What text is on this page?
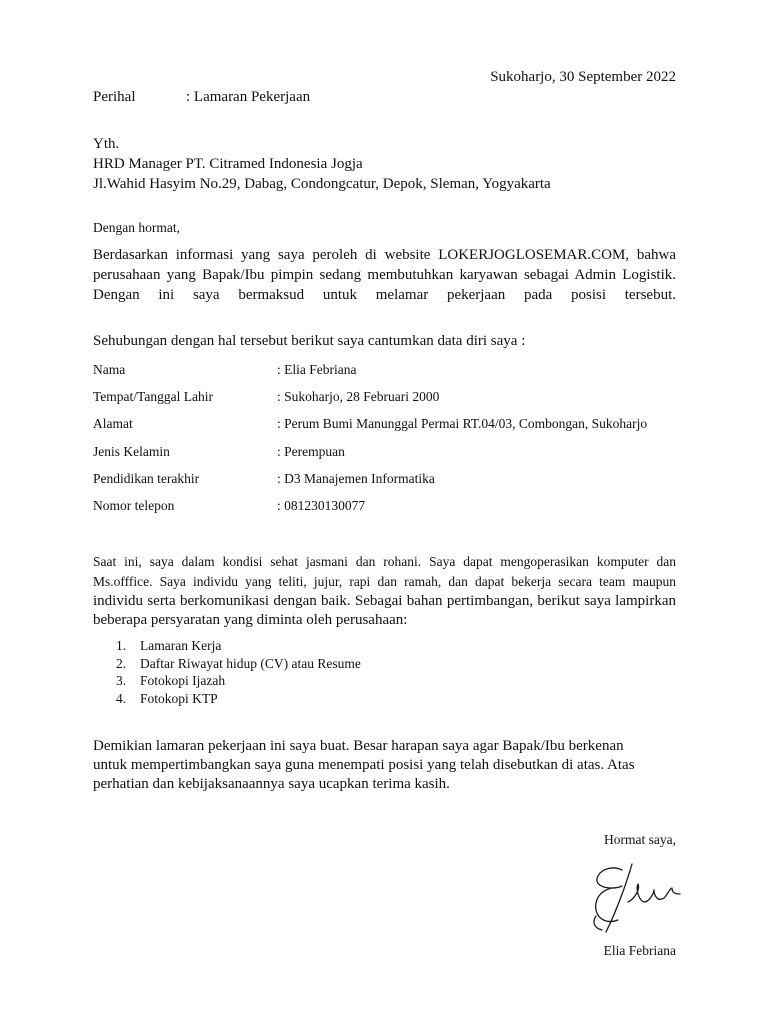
Sukoharjo, 30 September 2022
Perihal	: Lamaran Pekerjaan
Yth.
HRD Manager PT. Citramed Indonesia Jogja
Jl.Wahid Hasyim No.29, Dabag, Condongcatur, Depok, Sleman, Yogyakarta
Dengan hormat,
Berdasarkan informasi yang saya peroleh di website LOKERJOGLOSEMAR.COM, bahwa
perusahaan yang Bapak/Ibu pimpin sedang membutuhkan karyawan sebagai Admin Logistik.
Dengan ini saya bermaksud untuk melamar pekerjaan pada posisi tersebut.
Sehubungan dengan hal tersebut berikut saya cantumkan data diri saya :
Nama	: Elia Febriana
Tempat/Tanggal Lahir	: Sukoharjo, 28 Februari 2000
Alamat	: Perum Bumi Manunggal Permai RT.04/03, Combongan, Sukoharjo
Jenis Kelamin	: Perempuan
Pendidikan terakhir	: D3 Manajemen Informatika
Nomor telepon	: 081230130077
Saat ini, saya dalam kondisi sehat jasmani dan rohani. Saya dapat mengoperasikan komputer dan
Ms.offfice. Saya individu yang teliti, jujur, rapi dan ramah, dan dapat bekerja secara team maupun
individu serta berkomunikasi dengan baik. Sebagai bahan pertimbangan, berikut saya lampirkan
beberapa persyaratan yang diminta oleh perusahaan:
1. Lamaran Kerja
2. Daftar Riwayat hidup (CV) atau Resume
3. Fotokopi Ijazah
4. Fotokopi KTP
Demikian lamaran pekerjaan ini saya buat. Besar harapan saya agar Bapak/Ibu berkenan
untuk mempertimbangkan saya guna menempati posisi yang telah disebutkan di atas. Atas
perhatian dan kebijaksanaannya saya ucapkan terima kasih.
Hormat saya,
Elia Febriana
